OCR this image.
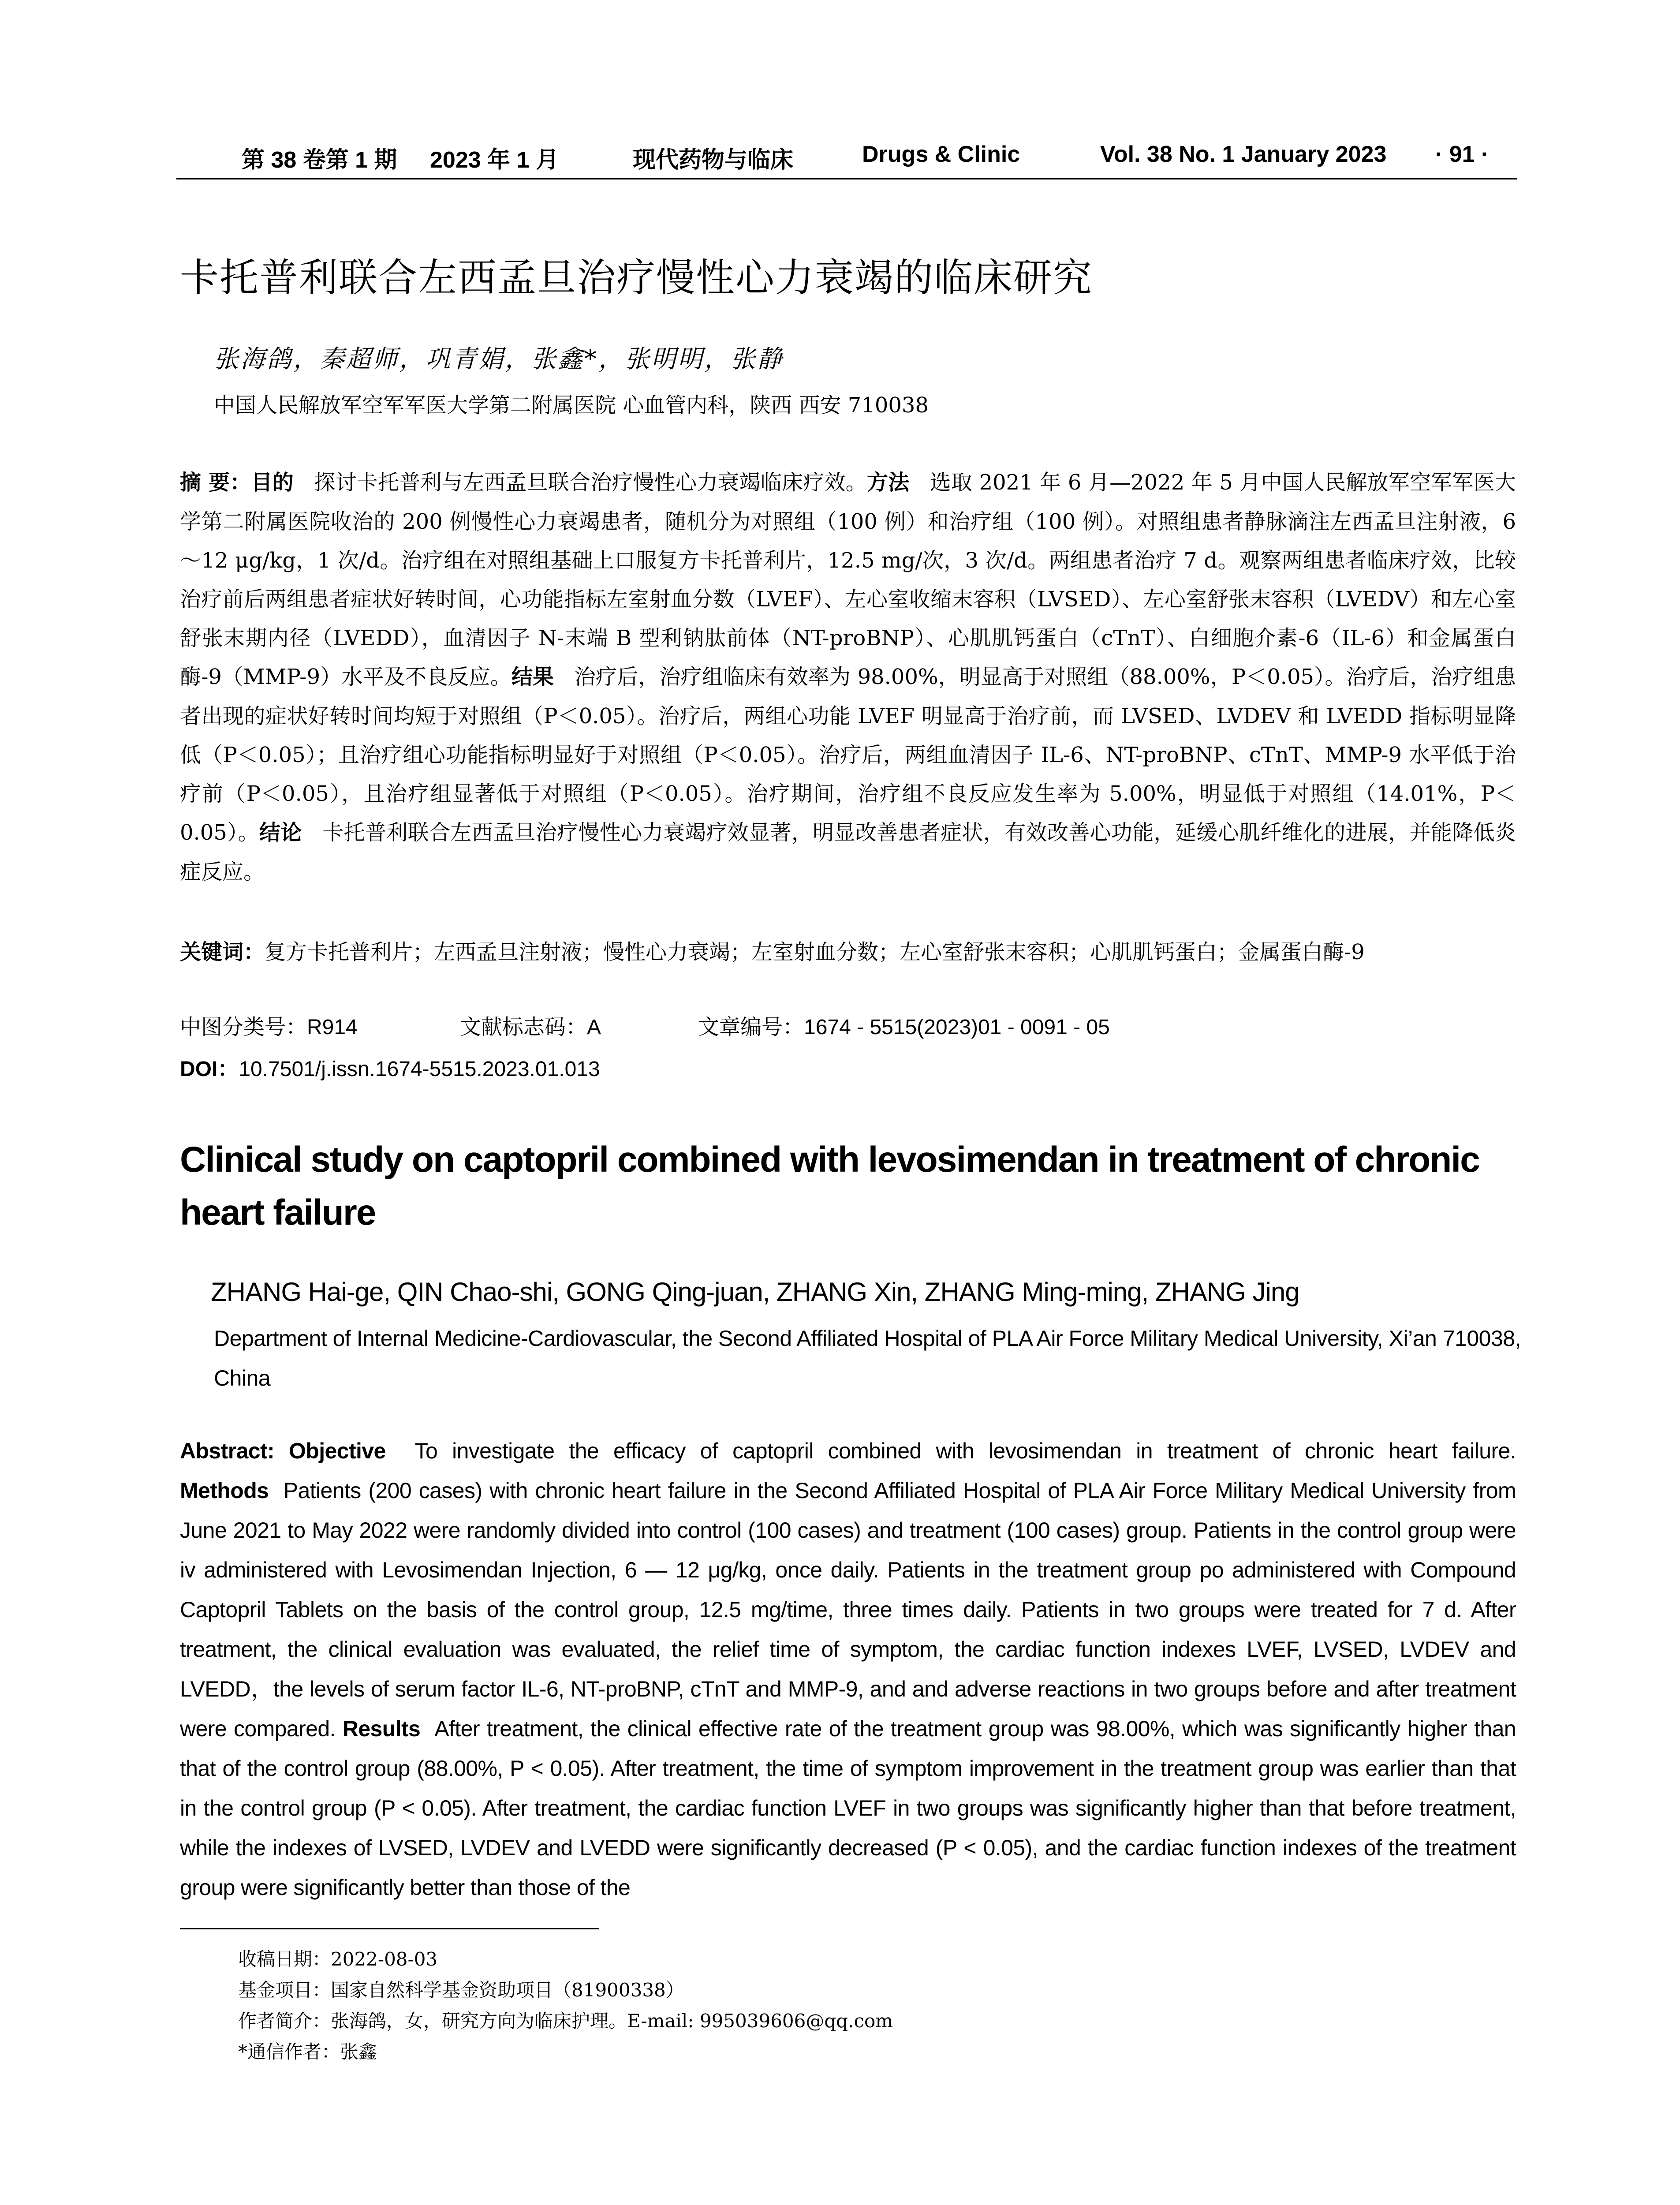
第 38 卷第 1 期 2023 年 1 月	现代药物与临床	Drugs & Clinic	Vol. 38 No. 1 January 2023 · 91 ·
卡托普利联合左西孟旦治疗慢性心力衰竭的临床研究
张海鸽，秦超师，巩青娟，张鑫*，张明明，张静
中国人民解放军空军军医大学第二附属医院 心血管内科，陕西 西安 710038
摘 要：目的 探讨卡托普利与左西孟旦联合治疗慢性心力衰竭临床疗效。方法 选取 2021 年 6 月—2022 年 5 月中国人民解放军空军军医大学第二附属医院收治的 200 例慢性心力衰竭患者，随机分为对照组（100 例）和治疗组（100 例）。对照组患者静脉滴注左西孟旦注射液，6～12 μg/kg，1 次/d。治疗组在对照组基础上口服复方卡托普利片，12.5 mg/次，3 次/d。两组患者治疗 7 d。观察两组患者临床疗效，比较治疗前后两组患者症状好转时间，心功能指标左室射血分数（LVEF）、左心室收缩末容积（LVSED）、左心室舒张末容积（LVEDV）和左心室舒张末期内径（LVEDD），血清因子 N-末端 B 型利钠肽前体（NT-proBNP）、心肌肌钙蛋白（cTnT）、白细胞介素-6（IL-6）和金属蛋白酶-9（MMP-9）水平及不良反应。结果 治疗后，治疗组临床有效率为 98.00%，明显高于对照组（88.00%，P＜0.05）。治疗后，治疗组患者出现的症状好转时间均短于对照组（P＜0.05）。治疗后，两组心功能 LVEF 明显高于治疗前，而 LVSED、LVDEV 和 LVEDD 指标明显降低（P＜0.05）；且治疗组心功能指标明显好于对照组（P＜0.05）。治疗后，两组血清因子 IL-6、NT-proBNP、cTnT、MMP-9 水平低于治疗前（P＜0.05），且治疗组显著低于对照组（P＜0.05）。治疗期间，治疗组不良反应发生率为 5.00%，明显低于对照组（14.01%，P＜0.05）。结论 卡托普利联合左西孟旦治疗慢性心力衰竭疗效显著，明显改善患者症状，有效改善心功能，延缓心肌纤维化的进展，并能降低炎症反应。
关键词：复方卡托普利片；左西孟旦注射液；慢性心力衰竭；左室射血分数；左心室舒张末容积；心肌肌钙蛋白；金属蛋白酶-9
中图分类号：R914	文献标志码：A	文章编号：1674 - 5515(2023)01 - 0091 - 05
DOI：10.7501/j.issn.1674-5515.2023.01.013
Clinical study on captopril combined with levosimendan in treatment of chronic heart failure
ZHANG Hai-ge, QIN Chao-shi, GONG Qing-juan, ZHANG Xin, ZHANG Ming-ming, ZHANG Jing
Department of Internal Medicine-Cardiovascular, the Second Affiliated Hospital of PLA Air Force Military Medical University, Xi’an 710038, China
Abstract: Objective To investigate the efficacy of captopril combined with levosimendan in treatment of chronic heart failure. Methods Patients (200 cases) with chronic heart failure in the Second Affiliated Hospital of PLA Air Force Military Medical University from June 2021 to May 2022 were randomly divided into control (100 cases) and treatment (100 cases) group. Patients in the control group were iv administered with Levosimendan Injection, 6 — 12 μg/kg, once daily. Patients in the treatment group po administered with Compound Captopril Tablets on the basis of the control group, 12.5 mg/time, three times daily. Patients in two groups were treated for 7 d. After treatment, the clinical evaluation was evaluated, the relief time of symptom, the cardiac function indexes LVEF, LVSED, LVDEV and LVEDD，the levels of serum factor IL-6, NT-proBNP, cTnT and MMP-9, and and adverse reactions in two groups before and after treatment were compared. Results After treatment, the clinical effective rate of the treatment group was 98.00%, which was significantly higher than that of the control group (88.00%, P < 0.05). After treatment, the time of symptom improvement in the treatment group was earlier than that in the control group (P < 0.05). After treatment, the cardiac function LVEF in two groups was significantly higher than that before treatment, while the indexes of LVSED, LVDEV and LVEDD were significantly decreased (P < 0.05), and the cardiac function indexes of the treatment group were significantly better than those of the
收稿日期：2022-08-03
基金项目：国家自然科学基金资助项目（81900338）
作者简介：张海鸽，女，研究方向为临床护理。E-mail: 995039606@qq.com
*通信作者：张鑫
